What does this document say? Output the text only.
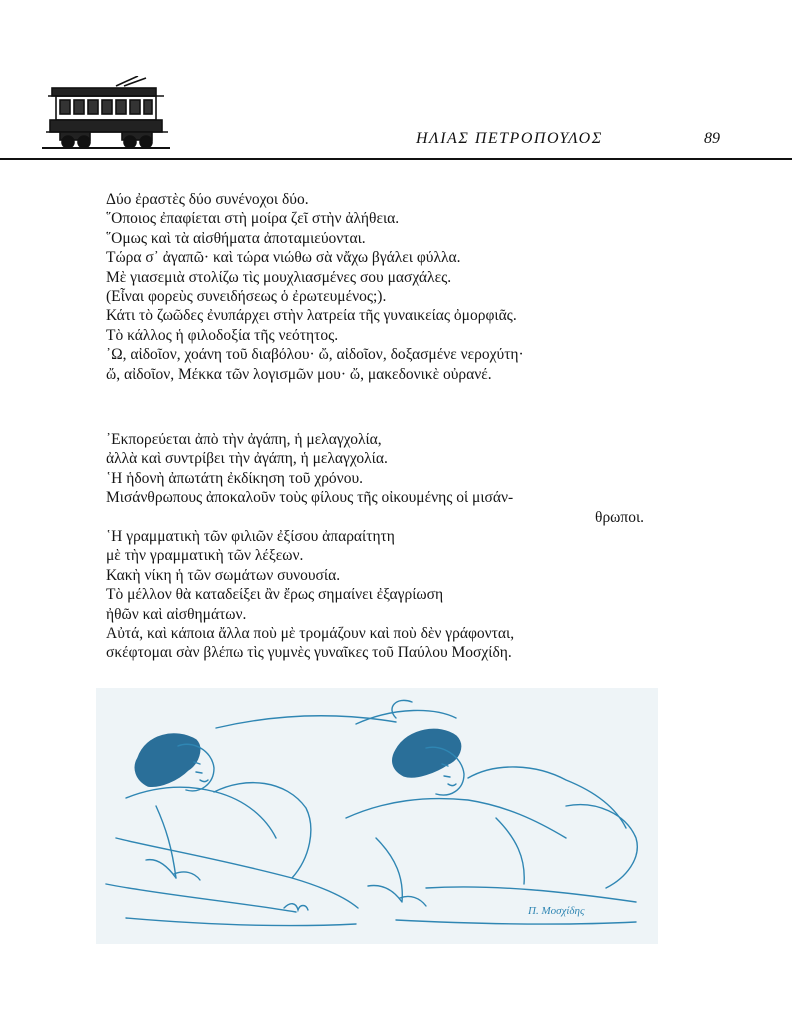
ΗΛΙΑΣ ΠΕΤΡΟΠΟΥΛΟΣ	89
Δύο ἐραστὲς δύο συνένοχοι δύο.
῞Οποιος ἐπαφίεται στὴ μοίρα ζεῖ στὴν ἀλήθεια.
῞Ομως καὶ τὰ αἰσθήματα ἀποταμιεύονται.
Τώρα σ᾽ ἀγαπῶ· καὶ τώρα νιώθω σὰ νἄχω βγάλει φύλλα.
Μὲ γιασεμιὰ στολίζω τὶς μουχλιασμένες σου μασχάλες.
(Εἶναι φορεὺς συνειδήσεως ὁ ἐρωτευμένος;).
Κάτι τὸ ζωῶδες ἐνυπάρχει στὴν λατρεία τῆς γυναικείας ὀμορφιᾶς.
Τὸ κάλλος ἡ φιλοδοξία τῆς νεότητος.
᾽Ω, αἰδοῖον, χοάνη τοῦ διαβόλου· ὤ, αἰδοῖον, δοξασμένε νεροχύτη·
ὤ, αἰδοῖον, Μέκκα τῶν λογισμῶν μου· ὤ, μακεδονικὲ οὐρανέ.
᾽Εκπορεύεται ἀπὸ τὴν ἀγάπη, ἡ μελαγχολία,
ἀλλὰ καὶ συντρίβει τὴν ἀγάπη, ἡ μελαγχολία.
῾Η ἡδονὴ ἀπωτάτη ἐκδίκηση τοῦ χρόνου.
Μισάνθρωπους ἀποκαλοῦν τοὺς φίλους τῆς οἰκουμένης οἱ μισάν-
θρωποι.
῾Η γραμματικὴ τῶν φιλιῶν ἐξίσου ἀπαραίτητη
μὲ τὴν γραμματικὴ τῶν λέξεων.
Κακὴ νίκη ἡ τῶν σωμάτων συνουσία.
Τὸ μέλλον θὰ καταδείξει ἂν ἔρως σημαίνει ἐξαγρίωση
ἠθῶν καὶ αἰσθημάτων.
Αὐτά, καὶ κάποια ἄλλα ποὺ μὲ τρομάζουν καὶ ποὺ δὲν γράφονται,
σκέφτομαι σὰν βλέπω τὶς γυμνὲς γυναῖκες τοῦ Παύλου Μοσχίδη.
Π. Μοσχίδης
